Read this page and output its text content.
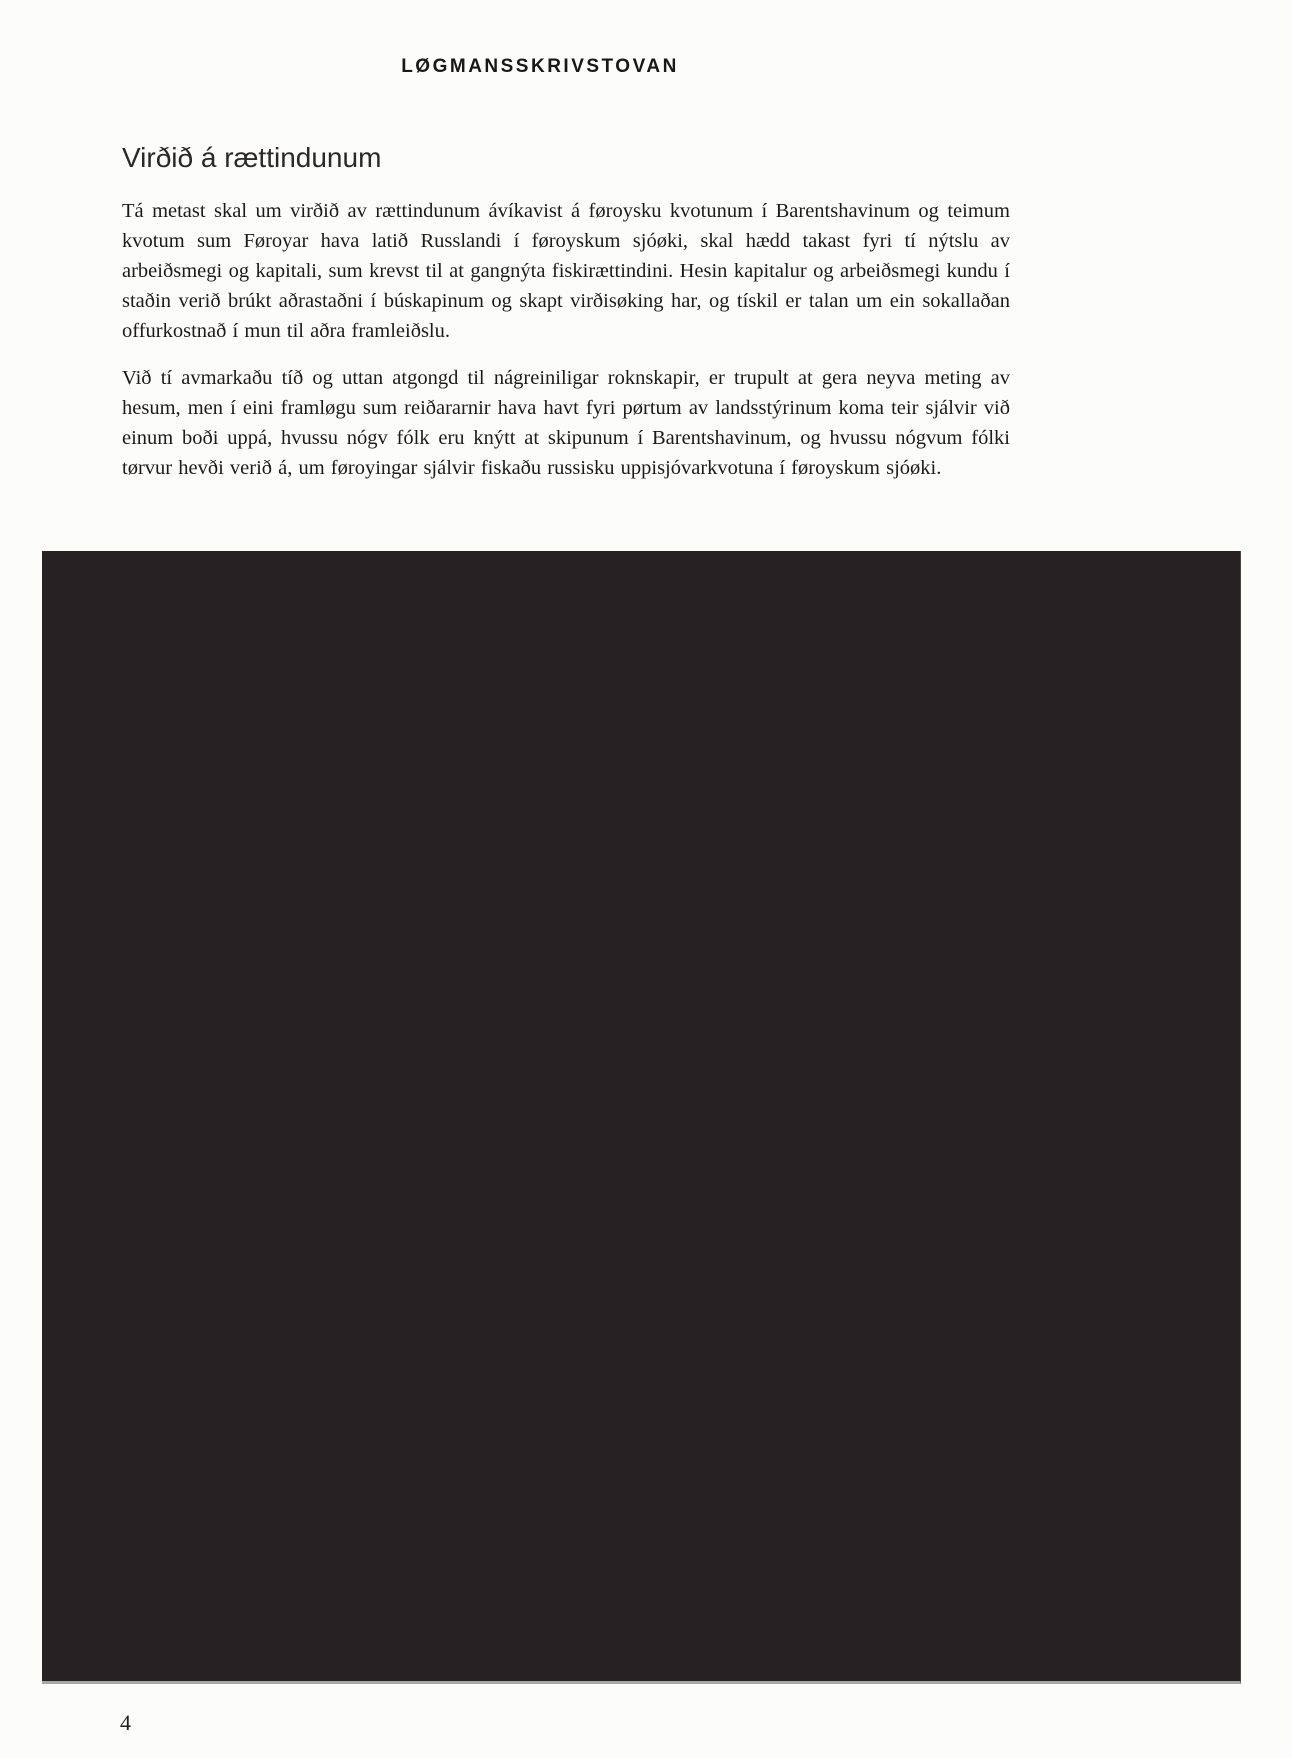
LØGMANSSKRIVSTOVAN
Virðið á rættindunum

Tá metast skal um virðið av rættindunum ávíkavist á føroysku kvotunum í Barentshavinum og teimum kvotum sum Føroyar hava latið Russlandi í føroyskum sjóøki, skal hædd takast fyri tí nýtslu av arbeiðsmegi og kapitali, sum krevst til at gangnýta fiskirættindini. Hesin kapitalur og arbeiðsmegi kundu í staðin verið brúkt aðrastaðni í búskapinum og skapt virðisøking har, og tískil er talan um ein sokallaðan offurkostnað í mun til aðra framleiðslu.

Við tí avmarkaðu tíð og uttan atgongd til nágreiniligar roknskapir, er trupult at gera neyva meting av hesum, men í eini framløgu sum reiðararnir hava havt fyri pørtum av landsstýrinum koma teir sjálvir við einum boði uppá, hvussu nógv fólk eru knýtt at skipunum í Barentshavinum, og hvussu nógvum fólki tørvur hevði verið á, um føroyingar sjálvir fiskaðu russisku uppisjóvarkvotuna í føroyskum sjóøki.

4
